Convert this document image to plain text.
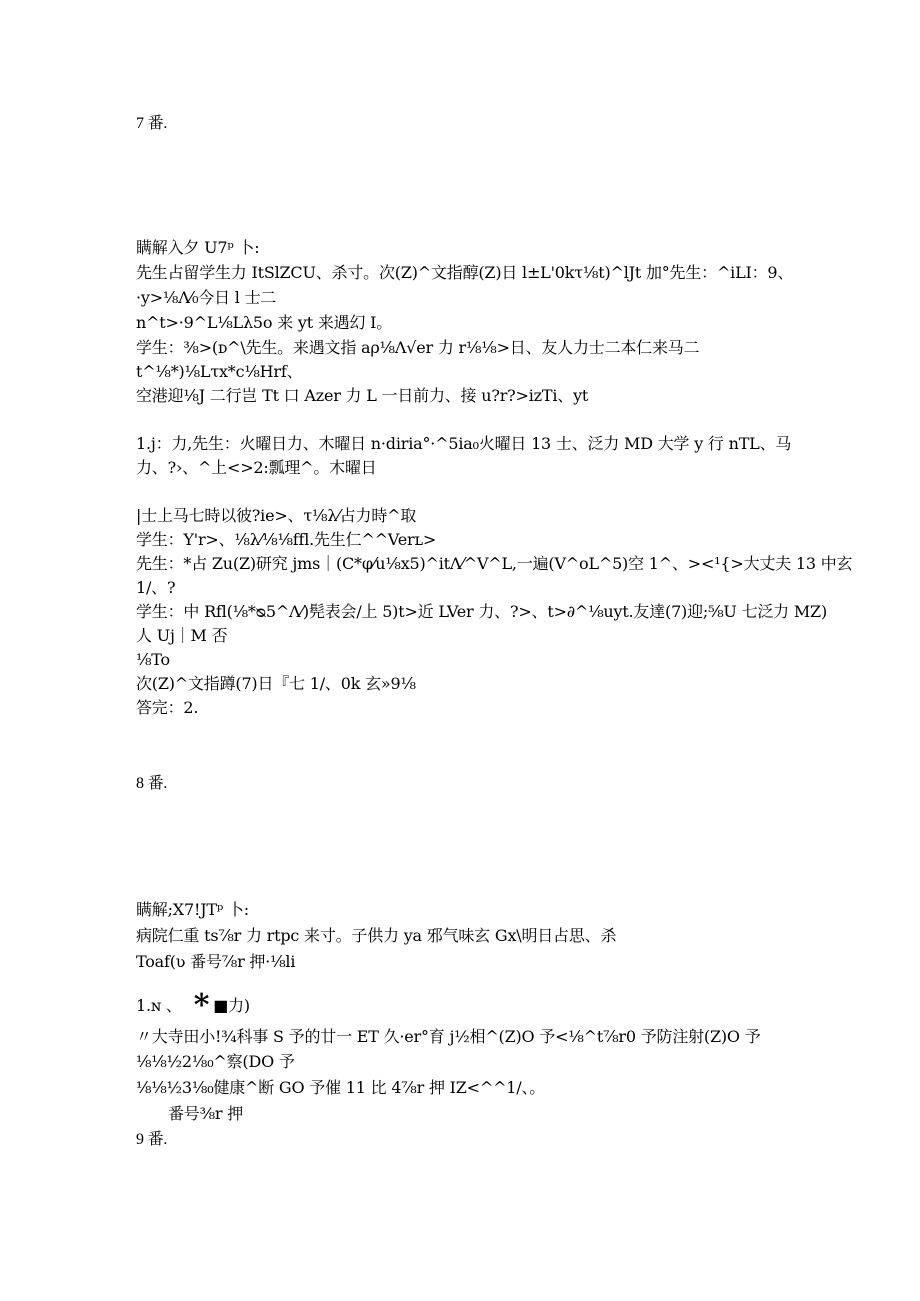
7 番.

瞒解入夕 U7ᵖ 卜:

先生占留学生力 ItSlZCU、杀寸。次(Z)^文指醇(Z)日 l±L'0kτ⅛t)^lJt 加°先生：^iLI：9、

·y>⅛Λ⁄₀今日 l 士二

n^t>·9^L⅛Lλ5o 来 yt 来遇幻 I。

学生：⅜>(ᴅ^\先生。来遇文指 aρ⅛Λ√er 力 r⅛⅛>日、友人力士二本仁来马二

t^⅛*)⅛Lτx*c⅛Hrf、

空港迎⅛J 二行岂 Tt 口 Azer 力 L 一日前力、接 u?r?>izTi、yt

1.j：力,先生：火曜日力、木曜日 n·diria°·^5ia₀火曜日 13 士、泛力 MD 大学 y 行 nTL、马

力、?›、^上<>2:瓢理^。木曜日

|士上马七時以彼?ie>、τ⅛λ⁄占力時^取

学生：Y'r>、⅛λ⁄⅛⅛ffl.先生仁^^Verʟ>

先生：*占 Zu(Z)研究 jms｜(C*φ⁄u⅛x5)^itΛ⁄^V^L,一遍(V^oL^5)空 1^、><¹{>大丈夫 13 中玄

1/、?

学生：中 Rfl(⅛*ᴓ5^Λ⁄)髡表会/上 5)t>近 LVer 力、?>、t>∂^⅛uyt.友達(7)迎;⅝U 七泛力 MZ)

人 Uj｜M 否

⅛To

次(Z)^文指蹲(7)日『七 1/、0k 玄»9⅛

答完：2.

8 番.

瞒解;X7!JTᵖ 卜:

病院仁重 ts⅞r 力 rtpc 来寸。子供力 ya 邪气味玄 Gx\明日占思、杀

Toaf(ʋ 番号⅞r 押·⅛li

1.ɴ 、 * ■力)

〃大寺田小!¾科事 S 予的廿一 ET 久·er°育 j½相^(Z)O 予<⅛^t⅞r0 予防注射(Z)O 予

⅛⅛½2⅛₀^察(DO 予

⅛⅛½3⅛₀健康^断 GO 予催 11 比 4⅞r 押 IZ<^^1/、。

番号⅜r 押

9 番.
